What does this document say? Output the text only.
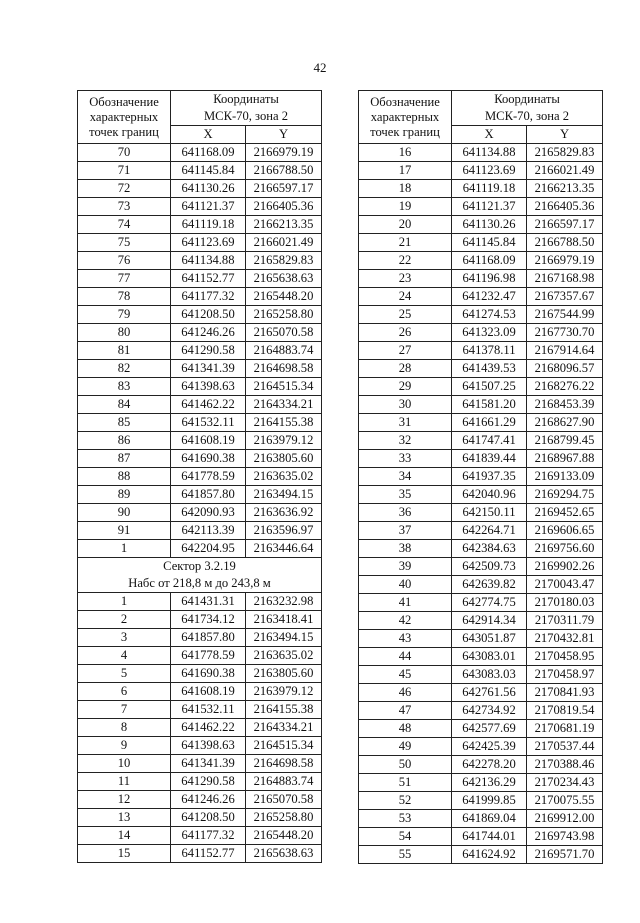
42
Обозначение
характерных
точек границ	Координаты
МСК-70, зона 2	

	X	Y
70	641168.09	2166979.19
71	641145.84	2166788.50
72	641130.26	2166597.17
73	641121.37	2166405.36
74	641119.18	2166213.35
75	641123.69	2166021.49
76	641134.88	2165829.83
77	641152.77	2165638.63
78	641177.32	2165448.20
79	641208.50	2165258.80
80	641246.26	2165070.58
81	641290.58	2164883.74
82	641341.39	2164698.58
83	641398.63	2164515.34
84	641462.22	2164334.21
85	641532.11	2164155.38
86	641608.19	2163979.12
87	641690.38	2163805.60
88	641778.59	2163635.02
89	641857.80	2163494.15
90	642090.93	2163636.92
91	642113.39	2163596.97
1	642204.95	2163446.64

Сектор 3.2.19
Набс от 218,8 м до 243,8 м		

1	641431.31	2163232.98
2	641734.12	2163418.41
3	641857.80	2163494.15
4	641778.59	2163635.02
5	641690.38	2163805.60
6	641608.19	2163979.12
7	641532.11	2164155.38
8	641462.22	2164334.21
9	641398.63	2164515.34
10	641341.39	2164698.58
11	641290.58	2164883.74
12	641246.26	2165070.58
13	641208.50	2165258.80
14	641177.32	2165448.20
15	641152.77	2165638.63
Обозначение
характерных
точек границ	Координаты
МСК-70, зона 2	

	X	Y
16	641134.88	2165829.83
17	641123.69	2166021.49
18	641119.18	2166213.35
19	641121.37	2166405.36
20	641130.26	2166597.17
21	641145.84	2166788.50
22	641168.09	2166979.19
23	641196.98	2167168.98
24	641232.47	2167357.67
25	641274.53	2167544.99
26	641323.09	2167730.70
27	641378.11	2167914.64
28	641439.53	2168096.57
29	641507.25	2168276.22
30	641581.20	2168453.39
31	641661.29	2168627.90
32	641747.41	2168799.45
33	641839.44	2168967.88
34	641937.35	2169133.09
35	642040.96	2169294.75
36	642150.11	2169452.65
37	642264.71	2169606.65
38	642384.63	2169756.60
39	642509.73	2169902.26
40	642639.82	2170043.47
41	642774.75	2170180.03
42	642914.34	2170311.79
43	643051.87	2170432.81
44	643083.01	2170458.95
45	643083.03	2170458.97
46	642761.56	2170841.93
47	642734.92	2170819.54
48	642577.69	2170681.19
49	642425.39	2170537.44
50	642278.20	2170388.46
51	642136.29	2170234.43
52	641999.85	2170075.55
53	641869.04	2169912.00
54	641744.01	2169743.98
55	641624.92	2169571.70
